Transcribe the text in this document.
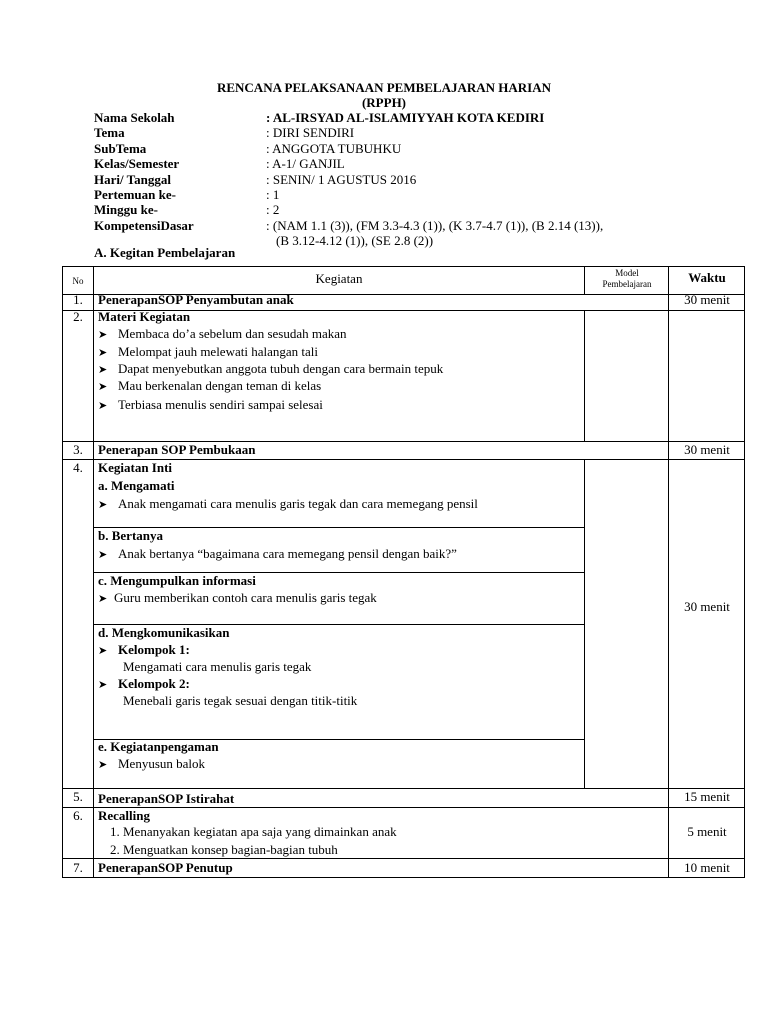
RENCANA PELAKSANAAN PEMBELAJARAN HARIAN
(RPPH)
Nama Sekolah	: AL-IRSYAD AL-ISLAMIYYAH KOTA KEDIRI
Tema	: DIRI SENDIRI
SubTema	: ANGGOTA TUBUHKU
Kelas/Semester	: A-1/ GANJIL
Hari/ Tanggal	: SENIN/ 1 AGUSTUS 2016
Pertemuan ke-	: 1
Minggu ke-	: 2
KompetensiDasar	: (NAM 1.1 (3)), (FM 3.3-4.3 (1)), (K 3.7-4.7 (1)), (B 2.14 (13)),
(B 3.12-4.12 (1)), (SE 2.8 (2))
A. Kegitan Pembelajaran
No	Kegiatan	Model Pembelajaran	Waktu
1.	PenerapanSOP Penyambutan anak	30 menit
2.	Materi Kegiatan
➤ Membaca do’a sebelum dan sesudah makan
➤ Melompat jauh melewati halangan tali
➤ Dapat menyebutkan anggota tubuh dengan cara bermain tepuk
➤ Mau berkenalan dengan teman di kelas
➤ Terbiasa menulis sendiri sampai selesai
3.	Penerapan SOP Pembukaan	30 menit
4.	Kegiatan Inti
a. Mengamati
➤ Anak mengamati cara menulis garis tegak dan cara memegang pensil
b. Bertanya
➤ Anak bertanya “bagaimana cara memegang pensil dengan baik?”
c. Mengumpulkan informasi
➤ Guru memberikan contoh cara menulis garis tegak
d. Mengkomunikasikan
➤ Kelompok 1:
Mengamati cara menulis garis tegak
➤ Kelompok 2:
Menebali garis tegak sesuai dengan titik-titik
e. Kegiatanpengaman
➤ Menyusun balok
30 menit
5.	PenerapanSOP Istirahat	15 menit
6.	Recalling
1. Menanyakan kegiatan apa saja yang dimainkan anak
2. Menguatkan konsep bagian-bagian tubuh
5 menit
7.	PenerapanSOP Penutup	10 menit
